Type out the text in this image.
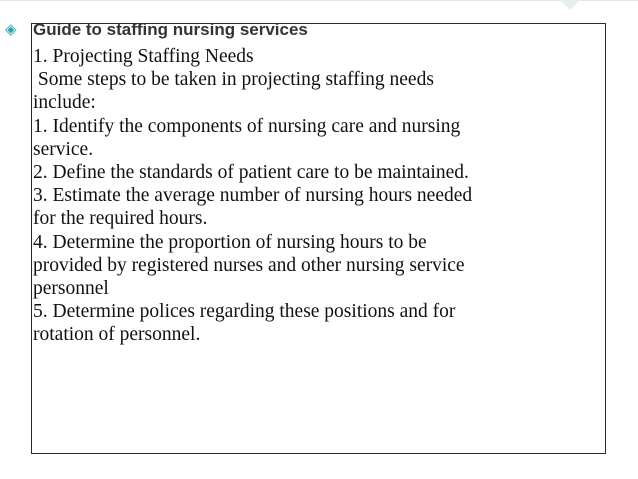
◈ Guide to staffing nursing services
1. Projecting Staffing Needs
Some steps to be taken in projecting staffing needs
include:
1. Identify the components of nursing care and nursing
service.
2. Define the standards of patient care to be maintained.
3. Estimate the average number of nursing hours needed
for the required hours.
4. Determine the proportion of nursing hours to be
provided by registered nurses and other nursing service
personnel
5. Determine polices regarding these positions and for
rotation of personnel.
